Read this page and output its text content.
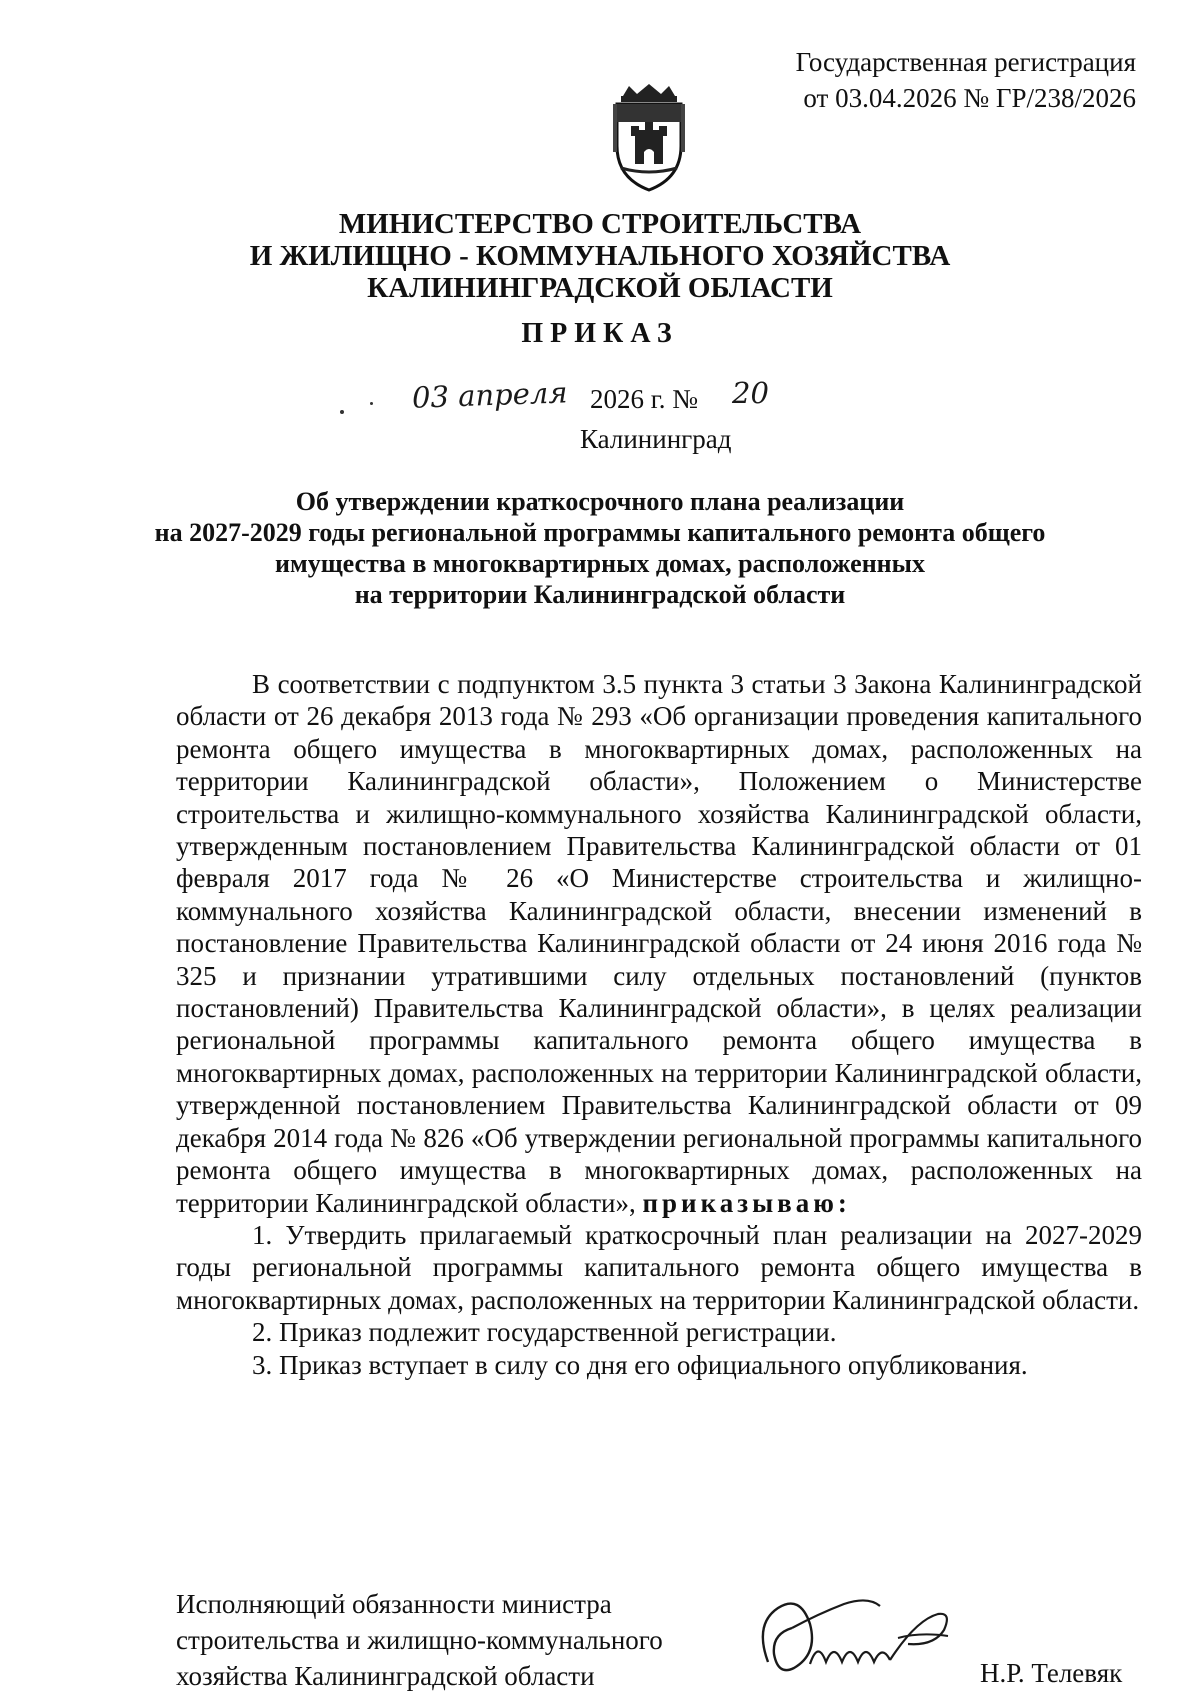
Государственная регистрация
от 03.04.2026 № ГР/238/2026
МИНИСТЕРСТВО СТРОИТЕЛЬСТВА
И ЖИЛИЩНО - КОММУНАЛЬНОГО ХОЗЯЙСТВА
КАЛИНИНГРАДСКОЙ ОБЛАСТИ
ПРИКАЗ
03 апреля 2026 г. № 20
Калининград
Об утверждении краткосрочного плана реализации
на 2027-2029 годы региональной программы капитального ремонта общего
имущества в многоквартирных домах, расположенных
на территории Калининградской области

В соответствии с подпунктом 3.5 пункта 3 статьи 3 Закона Калининградской области от 26 декабря 2013 года № 293 «Об организации проведения капитального ремонта общего имущества в многоквартирных домах, расположенных на территории Калининградской области», Положением о Министерстве строительства и жилищно-коммунального хозяйства Калининградской области, утвержденным постановлением Правительства Калининградской области от 01 февраля 2017 года № 26 «О Министерстве строительства и жилищно-коммунального хозяйства Калининградской области, внесении изменений в постановление Правительства Калининградской области от 24 июня 2016 года № 325 и признании утратившими силу отдельных постановлений (пунктов постановлений) Правительства Калининградской области», в целях реализации региональной программы капитального ремонта общего имущества в многоквартирных домах, расположенных на территории Калининградской области, утвержденной постановлением Правительства Калининградской области от 09 декабря 2014 года № 826 «Об утверждении региональной программы капитального ремонта общего имущества в многоквартирных домах, расположенных на территории Калининградской области», приказываю:

1. Утвердить прилагаемый краткосрочный план реализации на 2027-2029 годы региональной программы капитального ремонта общего имущества в многоквартирных домах, расположенных на территории Калининградской области.

2. Приказ подлежит государственной регистрации.

3. Приказ вступает в силу со дня его официального опубликования.

Исполняющий обязанности министра
строительства и жилищно-коммунального
хозяйства Калининградской области	Н.Р. Телевяк
